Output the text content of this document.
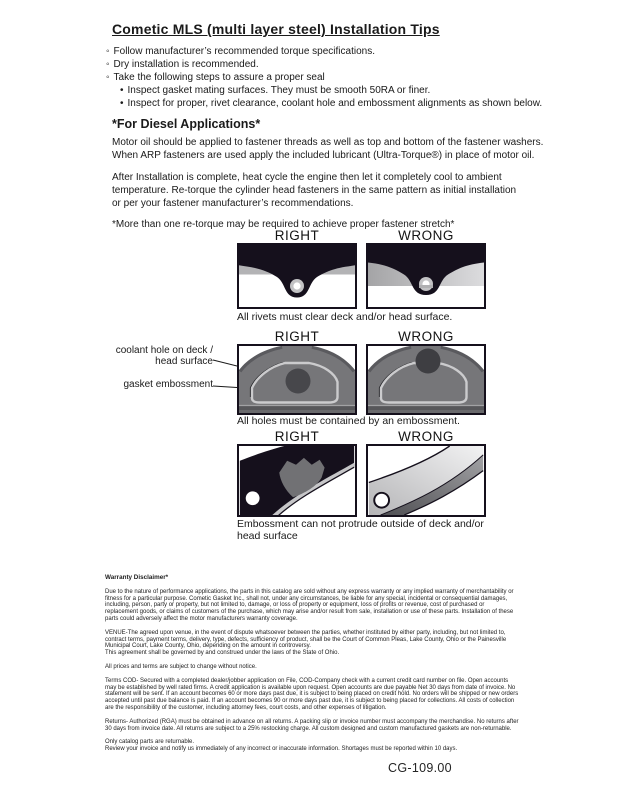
Cometic MLS (multi layer steel) Installation Tips
◦ Follow manufacturer’s recommended torque specifications.
◦ Dry installation is recommended.
◦ Take the following steps to assure a proper seal
• Inspect gasket mating surfaces. They must be smooth 50RA or finer.
• Inspect for proper, rivet clearance, coolant hole and embossment alignments as shown below.
*For Diesel Applications*
Motor oil should be applied to fastener threads as well as top and bottom of the fastener washers.
When ARP fasteners are used apply the included lubricant (Ultra-Torque®) in place of motor oil.
After Installation is complete, heat cycle the engine then let it completely cool to ambient
temperature. Re-torque the cylinder head fasteners in the same pattern as initial installation
or per your fastener manufacturer’s recommendations.
*More than one re-torque may be required to achieve proper fastener stretch*
RIGHT	WRONG
All rivets must clear deck and/or head surface.
RIGHT	WRONG
coolant hole on deck / head surface
gasket embossment
All holes must be contained by an embossment.
RIGHT	WRONG
Embossment can not protrude outside of deck and/or head surface
Warranty Disclaimer*

Due to the nature of performance applications, the parts in this catalog are sold without any express warranty or any implied warranty of merchantability or fitness for a particular purpose. Cometic Gasket Inc., shall not, under any circumstances, be liable for any special, incidental or consequential damages, including, person, party or property, but not limited to, damage, or loss of property or equipment, loss of profits or revenue, cost of purchased or replacement goods, or claims of customers of the purchase, which may arise and/or result from sale, installation or use of these parts. Installation of these parts could adversely affect the motor manufacturers warranty coverage.

VENUE-The agreed upon venue, in the event of dispute whatsoever between the parties, whether instituted by either party, including, but not limited to, contract terms, payment terms, delivery, type, defects, sufficiency of product, shall be the Court of Common Pleas, Lake County, Ohio or the Painesville Municipal Court, Lake County, Ohio, depending on the amount in controversy.

This agreement shall be governed by and construed under the laws of the State of Ohio.

All prices and terms are subject to change without notice.

Terms COD- Secured with a completed dealer/jobber application on File, COD-Company check with a current credit card number on file. Open accounts may be established by well rated firms. A credit application is available upon request. Open accounts are due payable Net 30 days from date of invoice. No statement will be sent. If an account becomes 60 or more days past due, it is subject to being placed on credit hold. No orders will be shipped or new orders accepted until past due balance is paid. If an account becomes 90 or more days past due, it is subject to being placed for collections. All costs of collection are the responsibility of the customer, including attorney fees, court costs, and other expenses of litigation.

Returns- Authorized (RGA) must be obtained in advance on all returns. A packing slip or invoice number must accompany the merchandise. No returns after 30 days from invoice date. All returns are subject to a 25% restocking charge. All custom designed and custom manufactured gaskets are non-returnable.

Only catalog parts are returnable.

Review your invoice and notify us immediately of any incorrect or inaccurate information. Shortages must be reported within 10 days.

CG-109.00
